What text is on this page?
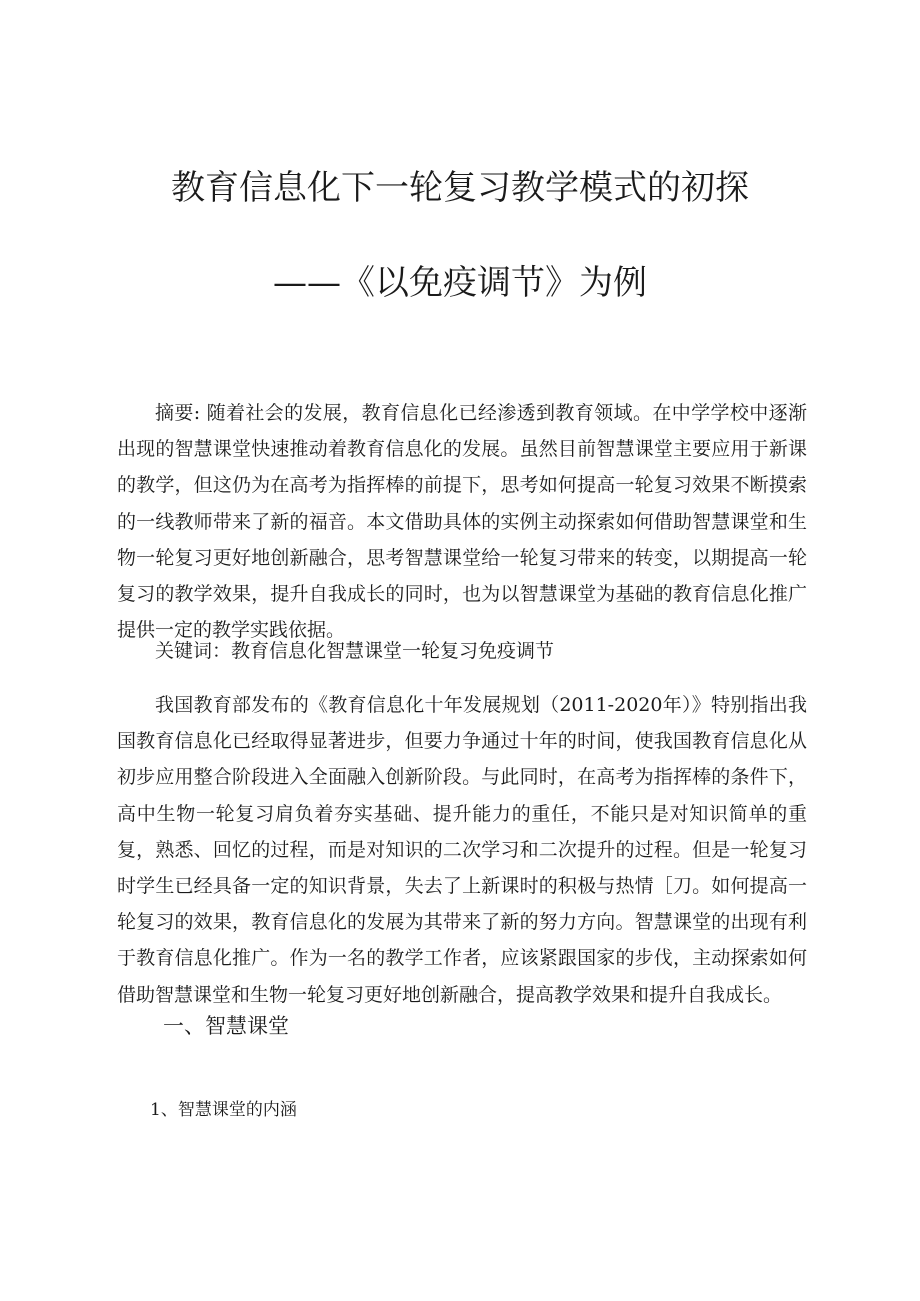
教育信息化下一轮复习教学模式的初探
——《以免疫调节》为例

摘要: 随着社会的发展，教育信息化已经渗透到教育领域。在中学学校中逐渐出现的智慧课堂快速推动着教育信息化的发展。虽然目前智慧课堂主要应用于新课的教学，但这仍为在高考为指挥棒的前提下，思考如何提高一轮复习效果不断摸索的一线教师带来了新的福音。本文借助具体的实例主动探索如何借助智慧课堂和生物一轮复习更好地创新融合，思考智慧课堂给一轮复习带来的转变，以期提高一轮复习的教学效果，提升自我成长的同时，也为以智慧课堂为基础的教育信息化推广提供一定的教学实践依据。

关键词：教育信息化智慧课堂一轮复习免疫调节

我国教育部发布的《教育信息化十年发展规划（2011-2020年）》特别指出我国教育信息化已经取得显著进步，但要力争通过十年的时间，使我国教育信息化从初步应用整合阶段进入全面融入创新阶段。与此同时，在高考为指挥棒的条件下，高中生物一轮复习肩负着夯实基础、提升能力的重任，不能只是对知识简单的重复，熟悉、回忆的过程，而是对知识的二次学习和二次提升的过程。但是一轮复习时学生已经具备一定的知识背景，失去了上新课时的积极与热情［刀。如何提高一轮复习的效果，教育信息化的发展为其带来了新的努力方向。智慧课堂的出现有利于教育信息化推广。作为一名的教学工作者，应该紧跟国家的步伐，主动探索如何借助智慧课堂和生物一轮复习更好地创新融合，提高教学效果和提升自我成长。

一、智慧课堂
1、智慧课堂的内涵
